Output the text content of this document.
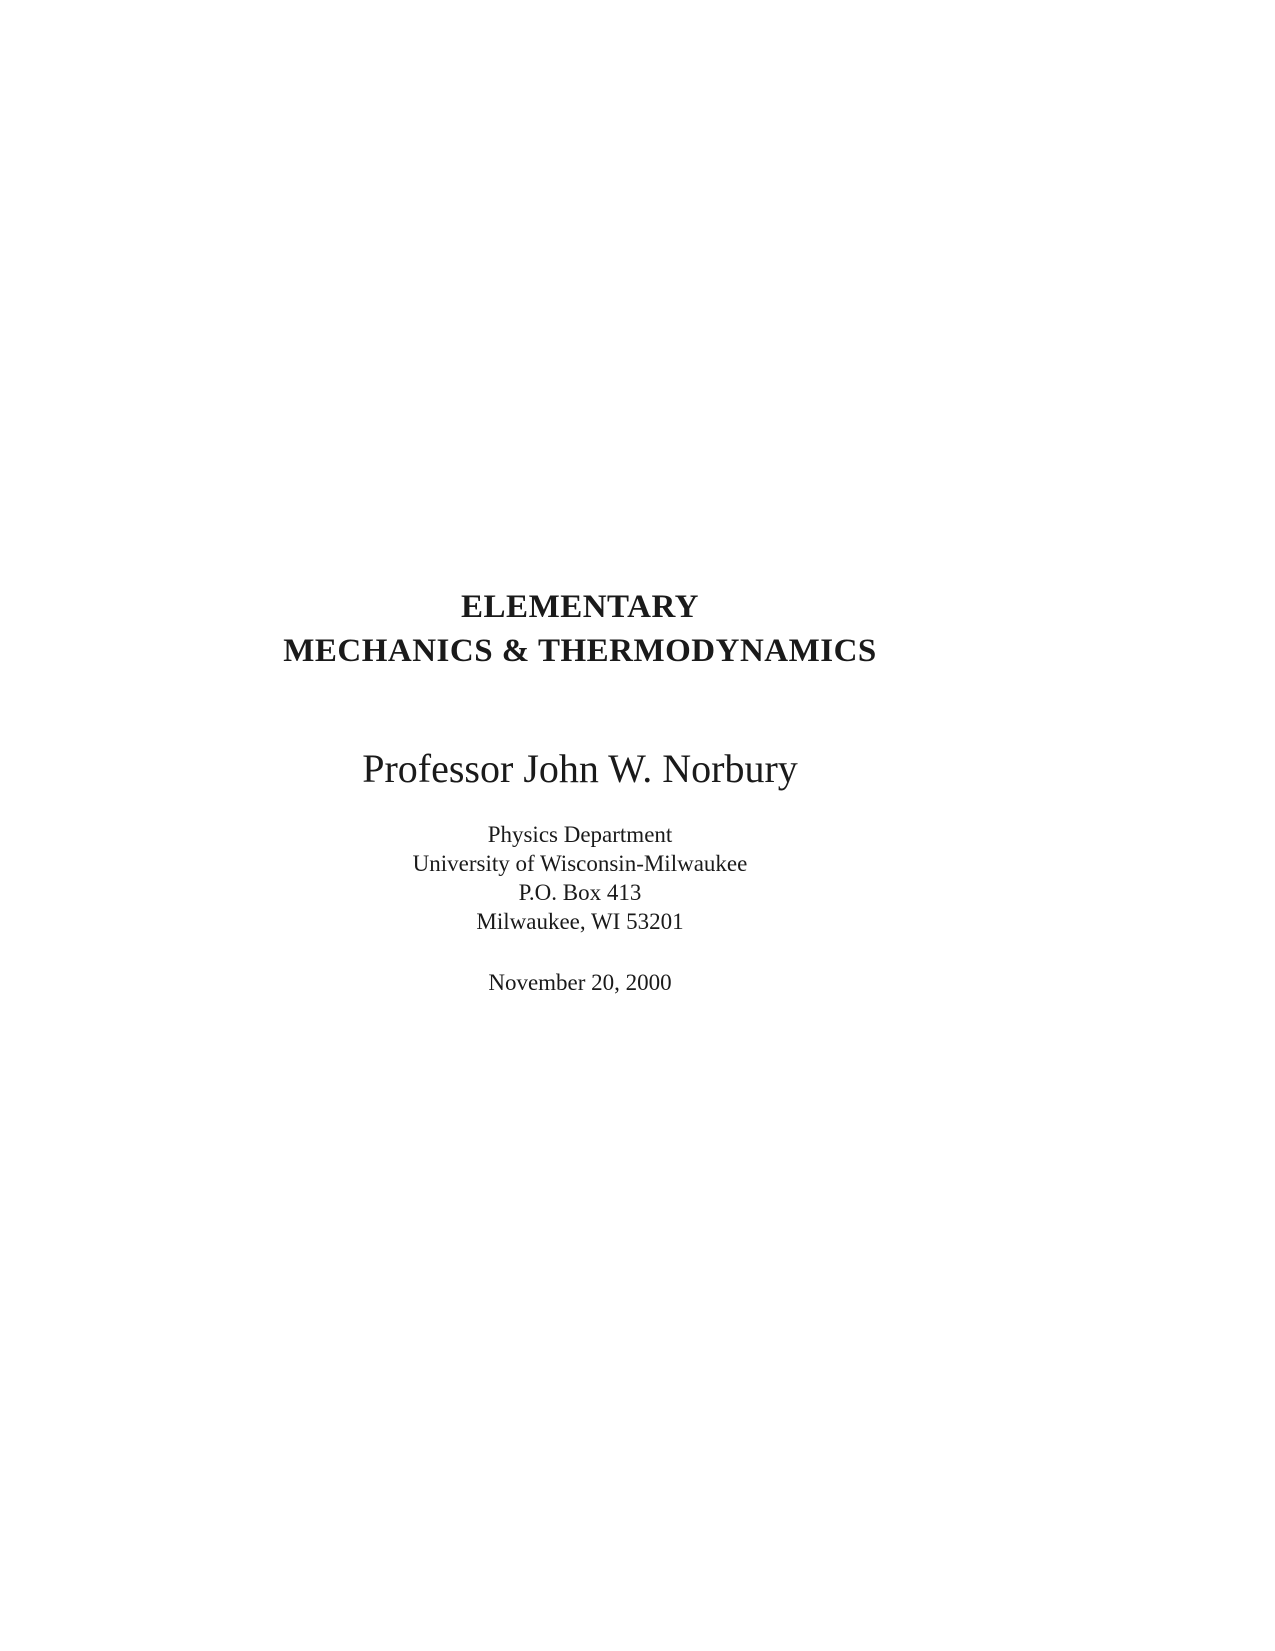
ELEMENTARY
MECHANICS & THERMODYNAMICS
Professor John W. Norbury
Physics Department
University of Wisconsin-Milwaukee
P.O. Box 413
Milwaukee, WI 53201
November 20, 2000
